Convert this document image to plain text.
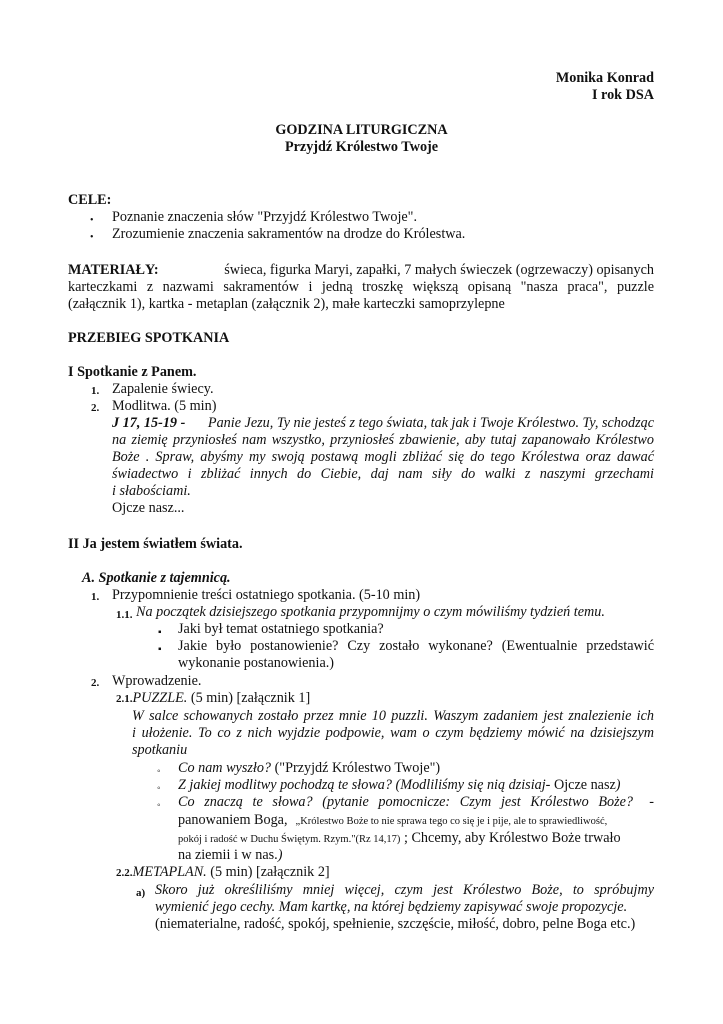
Monika Konrad
I rok DSA
GODZINA LITURGICZNA
Przyjdź Królestwo Twoje
CELE:
• Poznanie znaczenia słów "Przyjdź Królestwo Twoje".
• Zrozumienie znaczenia sakramentów na drodze do Królestwa.
MATERIAŁY:	świeca, figurka Maryi, zapałki, 7 małych świeczek (ogrzewaczy) opisanych
karteczkami z nazwami sakramentów i jedną troszkę większą opisaną "nasza praca", puzzle
(załącznik 1), kartka - metaplan (załącznik 2), małe karteczki samoprzylepne
PRZEBIEG SPOTKANIA
I Spotkanie z Panem.
1. Zapalenie świecy.
2. Modlitwa. (5 min)
J 17, 15-19 - Panie Jezu, Ty nie jesteś z tego świata, tak jak i Twoje Królestwo. Ty, schodząc
na ziemię przyniosłeś nam wszystko, przyniosłeś zbawienie, aby tutaj zapanowało Królestwo
Boże . Spraw, abyśmy my swoją postawą mogli zbliżać się do tego Królestwa oraz dawać
świadectwo i zbliżać innych do Ciebie, daj nam siły do walki z naszymi grzechami
i słabościami.
Ojcze nasz...
II Ja jestem światłem świata.
A. Spotkanie z tajemnicą.
1. Przypomnienie treści ostatniego spotkania. (5-10 min)
1.1. Na początek dzisiejszego spotkania przypomnijmy o czym mówiliśmy tydzień temu.
▪ Jaki był temat ostatniego spotkania?
▪ Jakie było postanowienie? Czy zostało wykonane? (Ewentualnie przedstawić
wykonanie postanowienia.)
2. Wprowadzenie.
2.1.PUZZLE. (5 min) [załącznik 1]
W salce schowanych zostało przez mnie 10 puzzli. Waszym zadaniem jest znalezienie ich
i ułożenie. To co z nich wyjdzie podpowie, wam o czym będziemy mówić na dzisiejszym
spotkaniu
◦ Co nam wyszło? ("Przyjdź Królestwo Twoje")
◦ Z jakiej modlitwy pochodzą te słowa? (Modliliśmy się nią dzisiaj- Ojcze nasz)
◦ Co znaczą te słowa? (pytanie pomocnicze: Czym jest Królestwo Boże? -
panowaniem Boga, „Królestwo Boże to nie sprawa tego co się je i pije, ale to sprawiedliwość,
pokój i radość w Duchu Świętym. Rzym."(Rz 14,17) ; Chcemy, aby Królestwo Boże trwało
na ziemii i w nas.)
2.2.METAPLAN. (5 min) [załącznik 2]
a) Skoro już określiliśmy mniej więcej, czym jest Królestwo Boże, to spróbujmy
wymienić jego cechy. Mam kartkę, na której będziemy zapisywać swoje propozycje.
(niematerialne, radość, spokój, spełnienie, szczęście, miłość, dobro, pelne Boga etc.)
